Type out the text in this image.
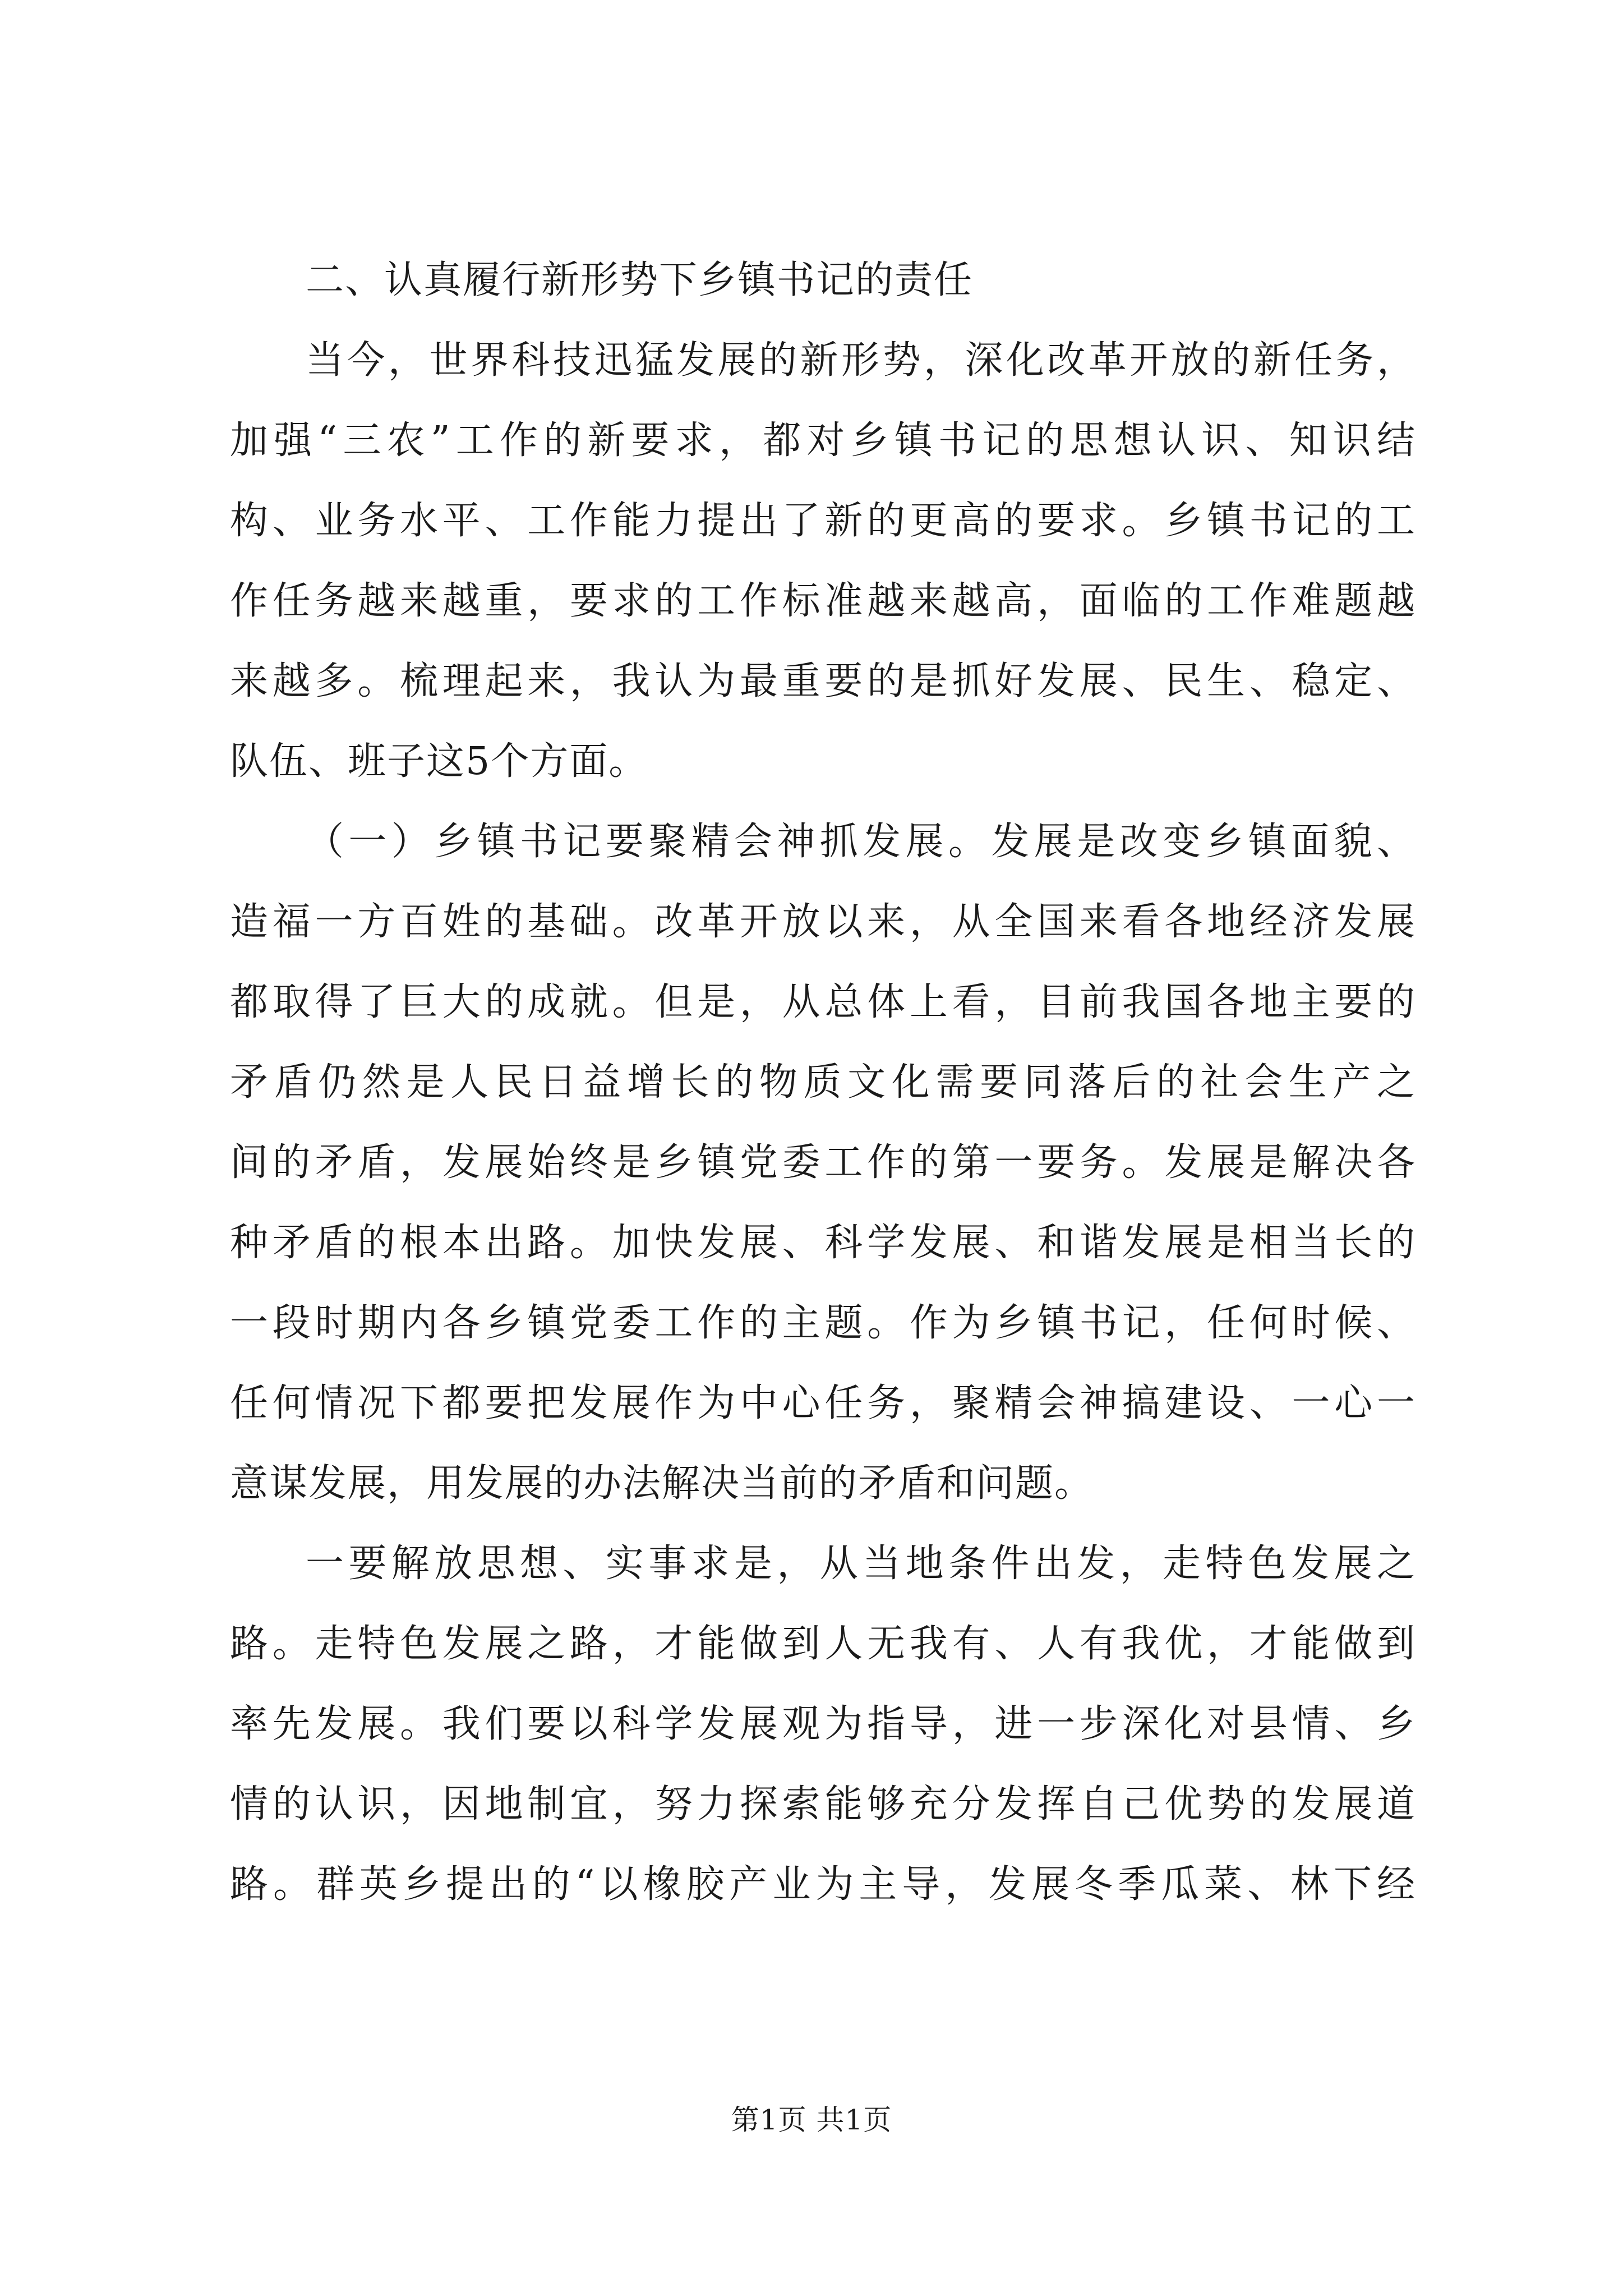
二、认真履行新形势下乡镇书记的责任
当今，世界科技迅猛发展的新形势，深化改革开放的新任务，
加强“三农”工作的新要求，都对乡镇书记的思想认识、知识结
构、业务水平、工作能力提出了新的更高的要求。乡镇书记的工
作任务越来越重，要求的工作标准越来越高，面临的工作难题越
来越多。梳理起来，我认为最重要的是抓好发展、民生、稳定、
队伍、班子这5个方面。
（一）乡镇书记要聚精会神抓发展。发展是改变乡镇面貌、
造福一方百姓的基础。改革开放以来，从全国来看各地经济发展
都取得了巨大的成就。但是，从总体上看，目前我国各地主要的
矛盾仍然是人民日益增长的物质文化需要同落后的社会生产之
间的矛盾，发展始终是乡镇党委工作的第一要务。发展是解决各
种矛盾的根本出路。加快发展、科学发展、和谐发展是相当长的
一段时期内各乡镇党委工作的主题。作为乡镇书记，任何时候、
任何情况下都要把发展作为中心任务，聚精会神搞建设、一心一
意谋发展，用发展的办法解决当前的矛盾和问题。
一要解放思想、实事求是，从当地条件出发，走特色发展之
路。走特色发展之路，才能做到人无我有、人有我优，才能做到
率先发展。我们要以科学发展观为指导，进一步深化对县情、乡
情的认识，因地制宜，努力探索能够充分发挥自己优势的发展道
路。群英乡提出的“以橡胶产业为主导，发展冬季瓜菜、林下经
第1页 共1页
